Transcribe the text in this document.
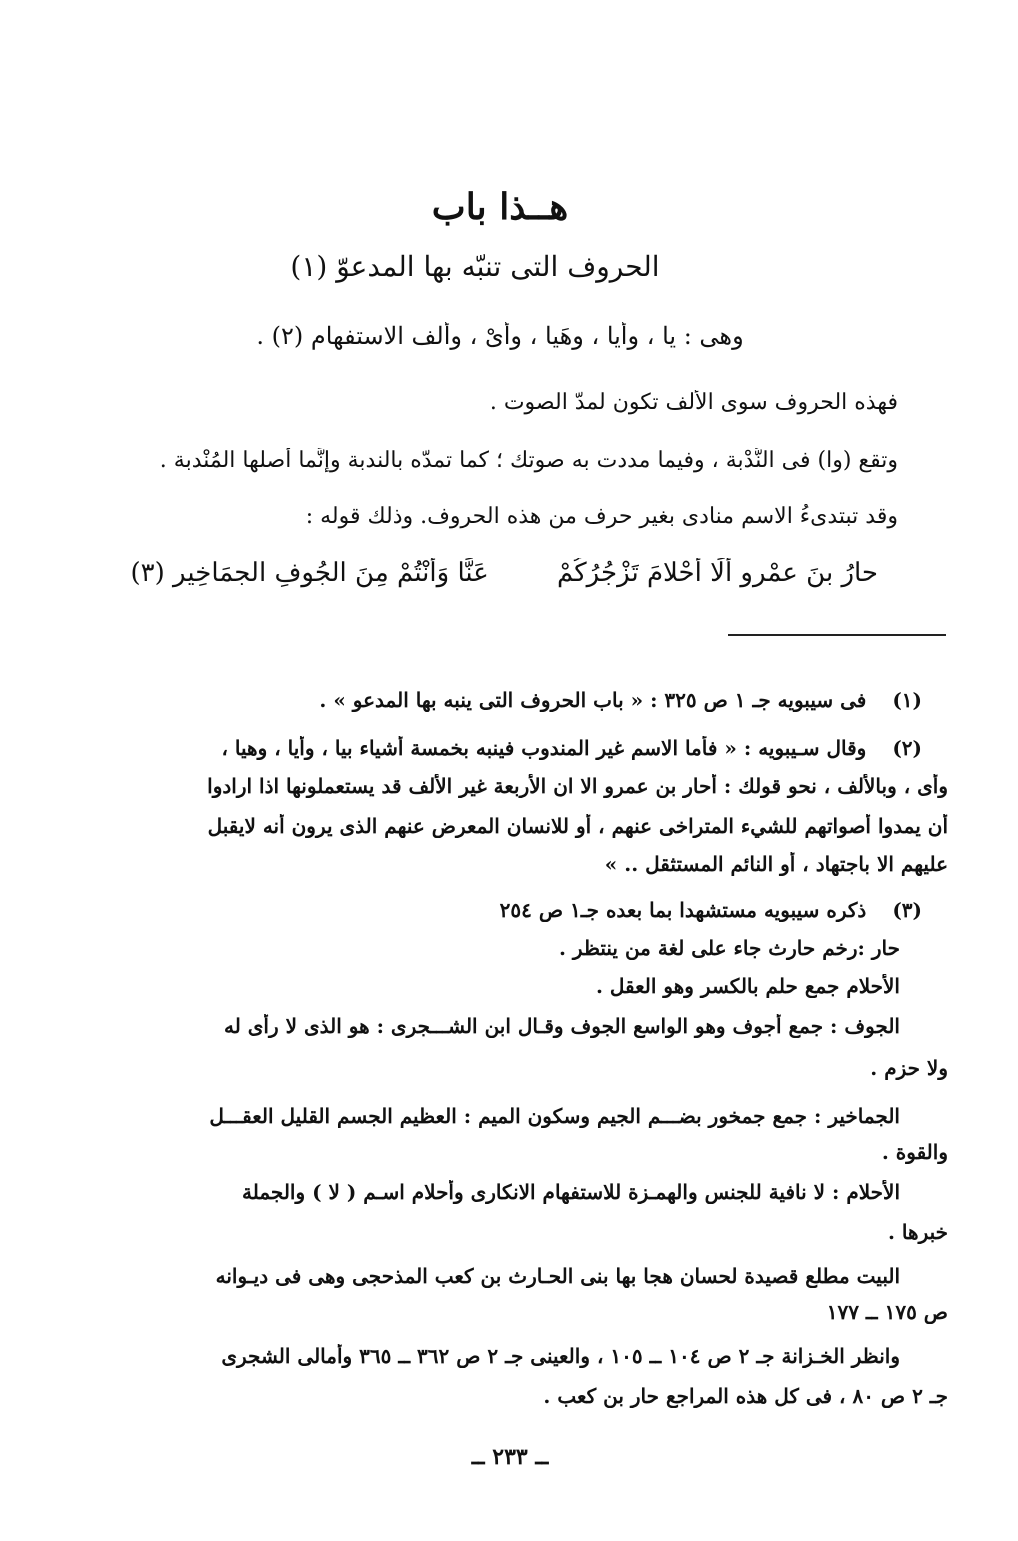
هــذا باب
الحروف التى تنبّه بها المدعوّ (١)
وهى : يا ، وأيا ، وهَيا ، وأَىْ ، وألف الاستفهام (٢) .
فهذه الحروف سوى الأَلف تكون لمدّ الصوت .
وتقع (وا) فى النُّدْبة ، وفيما مددت به صوتك ؛ كما تمدّه بالندبة وإنَّما أصلها المُنْدبة .
وقد تبتدىءُ الاسم منادى بغير حرف من هذه الحروف. وذلك قوله :
حارُ بنَ عمْرو أَلَا أَحْلامَ تَزْجُرُكُمْ عَنَّا وَأَنْتُمْ مِنَ الجُوفِ الجمَاخِير (٣)
(١)فى سيبويه جـ ١ ص ٣٢٥ : « باب الحروف التى ينبه بها المدعو » .
(٢)وقال سـيبويه : « فأما الاسم غير المندوب فينبه بخمسة أشياء بيا ، وأيا ، وهيا ،
وأى ، وبالألف ، نحو قولك : أحار بن عمرو الا ان الأربعة غير الألف قد يستعملونها اذا ارادوا
أن يمدوا أصواتهم للشيء المتراخى عنهم ، أو للانسان المعرض عنهم الذى يرون أنه لايقبل
عليهم الا باجتهاد ، أو النائم المستثقل .. »
(٣)ذكره سيبويه مستشهدا بما بعده جـ١ ص ٢٥٤
حار :رخم حارث جاء على لغة من ينتظر .
الأحلام جمع حلم بالكسر وهو العقل .
الجوف : جمع أجوف وهو الواسع الجوف وقـال ابن الشـــجرى : هو الذى لا رأى له
ولا حزم .
الجماخير : جمع جمخور بضـــم الجيم وسكون الميم : العظيم الجسم القليل العقـــل
والقوة .
الأحلام : لا نافية للجنس والهمـزة للاستفهام الانكارى وأحلام اسـم ( لا ) والجملة
خبرها .
البيت مطلع قصيدة لحسان هجا بها بنى الحـارث بن كعب المذحجى وهى فى ديـوانه
ص ١٧٥ ــ ١٧٧
وانظر الخـزانة جـ ٢ ص ١٠٤ ــ ١٠٥ ، والعينى جـ ٢ ص ٣٦٢ ــ ٣٦٥ وأمالى الشجرى
جـ ٢ ص ٨٠ ، فى كل هذه المراجع حار بن كعب .
ــ ٢٣٣ ــ
